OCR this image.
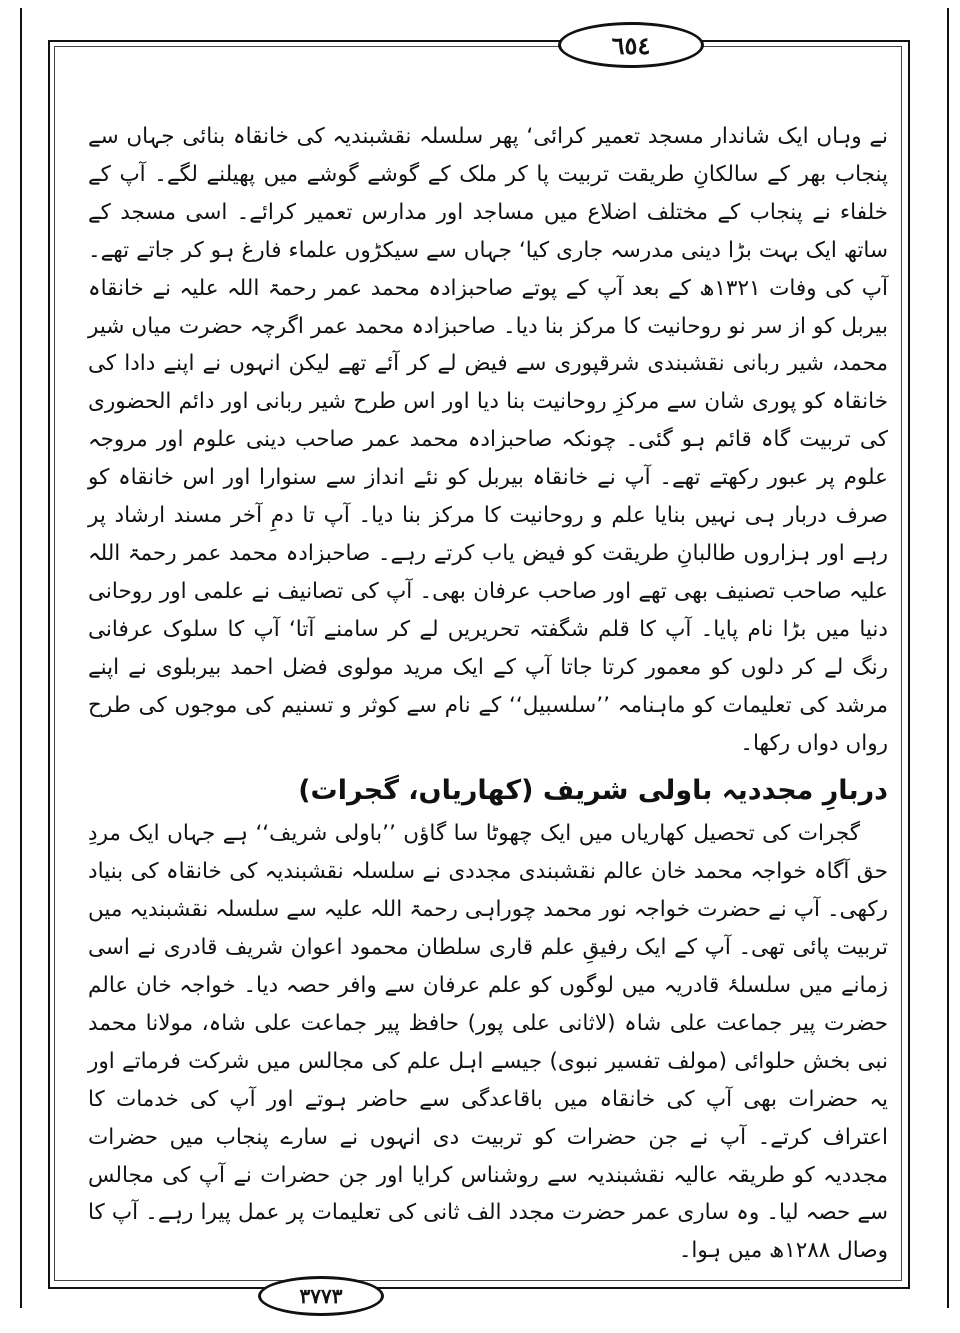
٦٥٤

نے وہاں ایک شاندار مسجد تعمیر کرائی‘ پھر سلسلہ نقشبندیہ کی خانقاہ بنائی جہاں سے پنجاب بھر کے سالکانِ طریقت تربیت پا کر ملک کے گوشے گوشے میں پھیلنے لگے۔ آپ کے خلفاء نے پنجاب کے مختلف اضلاع میں مساجد اور مدارس تعمیر کرائے۔ اسی مسجد کے ساتھ ایک بہت بڑا دینی مدرسہ جاری کیا‘ جہاں سے سیکڑوں علماء فارغ ہو کر جاتے تھے۔ آپ کی وفات ۱۳۲۱ھ کے بعد آپ کے پوتے صاحبزادہ محمد عمر رحمۃ اللہ علیہ نے خانقاہ بیربل کو از سر نو روحانیت کا مرکز بنا دیا۔ صاحبزادہ محمد عمر اگرچہ حضرت میاں شیر محمد، شیر ربانی نقشبندی شرقپوری سے فیض لے کر آئے تھے لیکن انہوں نے اپنے دادا کی خانقاہ کو پوری شان سے مرکزِ روحانیت بنا دیا اور اس طرح شیر ربانی اور دائم الحضوری کی تربیت گاہ قائم ہو گئی۔ چونکہ صاحبزادہ محمد عمر صاحب دینی علوم اور مروجہ علوم پر عبور رکھتے تھے۔ آپ نے خانقاہ بیربل کو نئے انداز سے سنوارا اور اس خانقاہ کو صرف دربار ہی نہیں بنایا علم و روحانیت کا مرکز بنا دیا۔ آپ تا دمِ آخر مسند ارشاد پر رہے اور ہزاروں طالبانِ طریقت کو فیض یاب کرتے رہے۔ صاحبزادہ محمد عمر رحمۃ اللہ علیہ صاحب تصنیف بھی تھے اور صاحب عرفان بھی۔ آپ کی تصانیف نے علمی اور روحانی دنیا میں بڑا نام پایا۔ آپ کا قلم شگفتہ تحریریں لے کر سامنے آتا‘ آپ کا سلوک عرفانی رنگ لے کر دلوں کو معمور کرتا جاتا آپ کے ایک مرید مولوی فضل احمد بیربلوی نے اپنے مرشد کی تعلیمات کو ماہنامہ ’’سلسبیل‘‘ کے نام سے کوثر و تسنیم کی موجوں کی طرح رواں دواں رکھا۔

دربارِ مجددیہ باولی شریف (کھاریاں، گجرات)

گجرات کی تحصیل کھاریاں میں ایک چھوٹا سا گاؤں ’’باولی شریف‘‘ ہے جہاں ایک مردِ حق آگاہ خواجہ محمد خان عالم نقشبندی مجددی نے سلسلہ نقشبندیہ کی خانقاہ کی بنیاد رکھی۔ آپ نے حضرت خواجہ نور محمد چوراہی رحمۃ اللہ علیہ سے سلسلہ نقشبندیہ میں تربیت پائی تھی۔ آپ کے ایک رفیقِ علم قاری سلطان محمود اعوان شریف قادری نے اسی زمانے میں سلسلۂ قادریہ میں لوگوں کو علم عرفان سے وافر حصہ دیا۔ خواجہ خان عالم حضرت پیر جماعت علی شاہ (لاثانی علی پور) حافظ پیر جماعت علی شاہ، مولانا محمد نبی بخش حلوائی (مولف تفسیر نبوی) جیسے اہل علم کی مجالس میں شرکت فرماتے اور یہ حضرات بھی آپ کی خانقاہ میں باقاعدگی سے حاضر ہوتے اور آپ کی خدمات کا اعتراف کرتے۔ آپ نے جن حضرات کو تربیت دی انہوں نے سارے پنجاب میں حضرات مجددیہ کو طریقہ عالیہ نقشبندیہ سے روشناس کرایا اور جن حضرات نے آپ کی مجالس سے حصہ لیا۔ وہ ساری عمر حضرت مجدد الف ثانی کی تعلیمات پر عمل پیرا رہے۔ آپ کا وصال ۱۲۸۸ھ میں ہوا۔

٣٧٧٣
